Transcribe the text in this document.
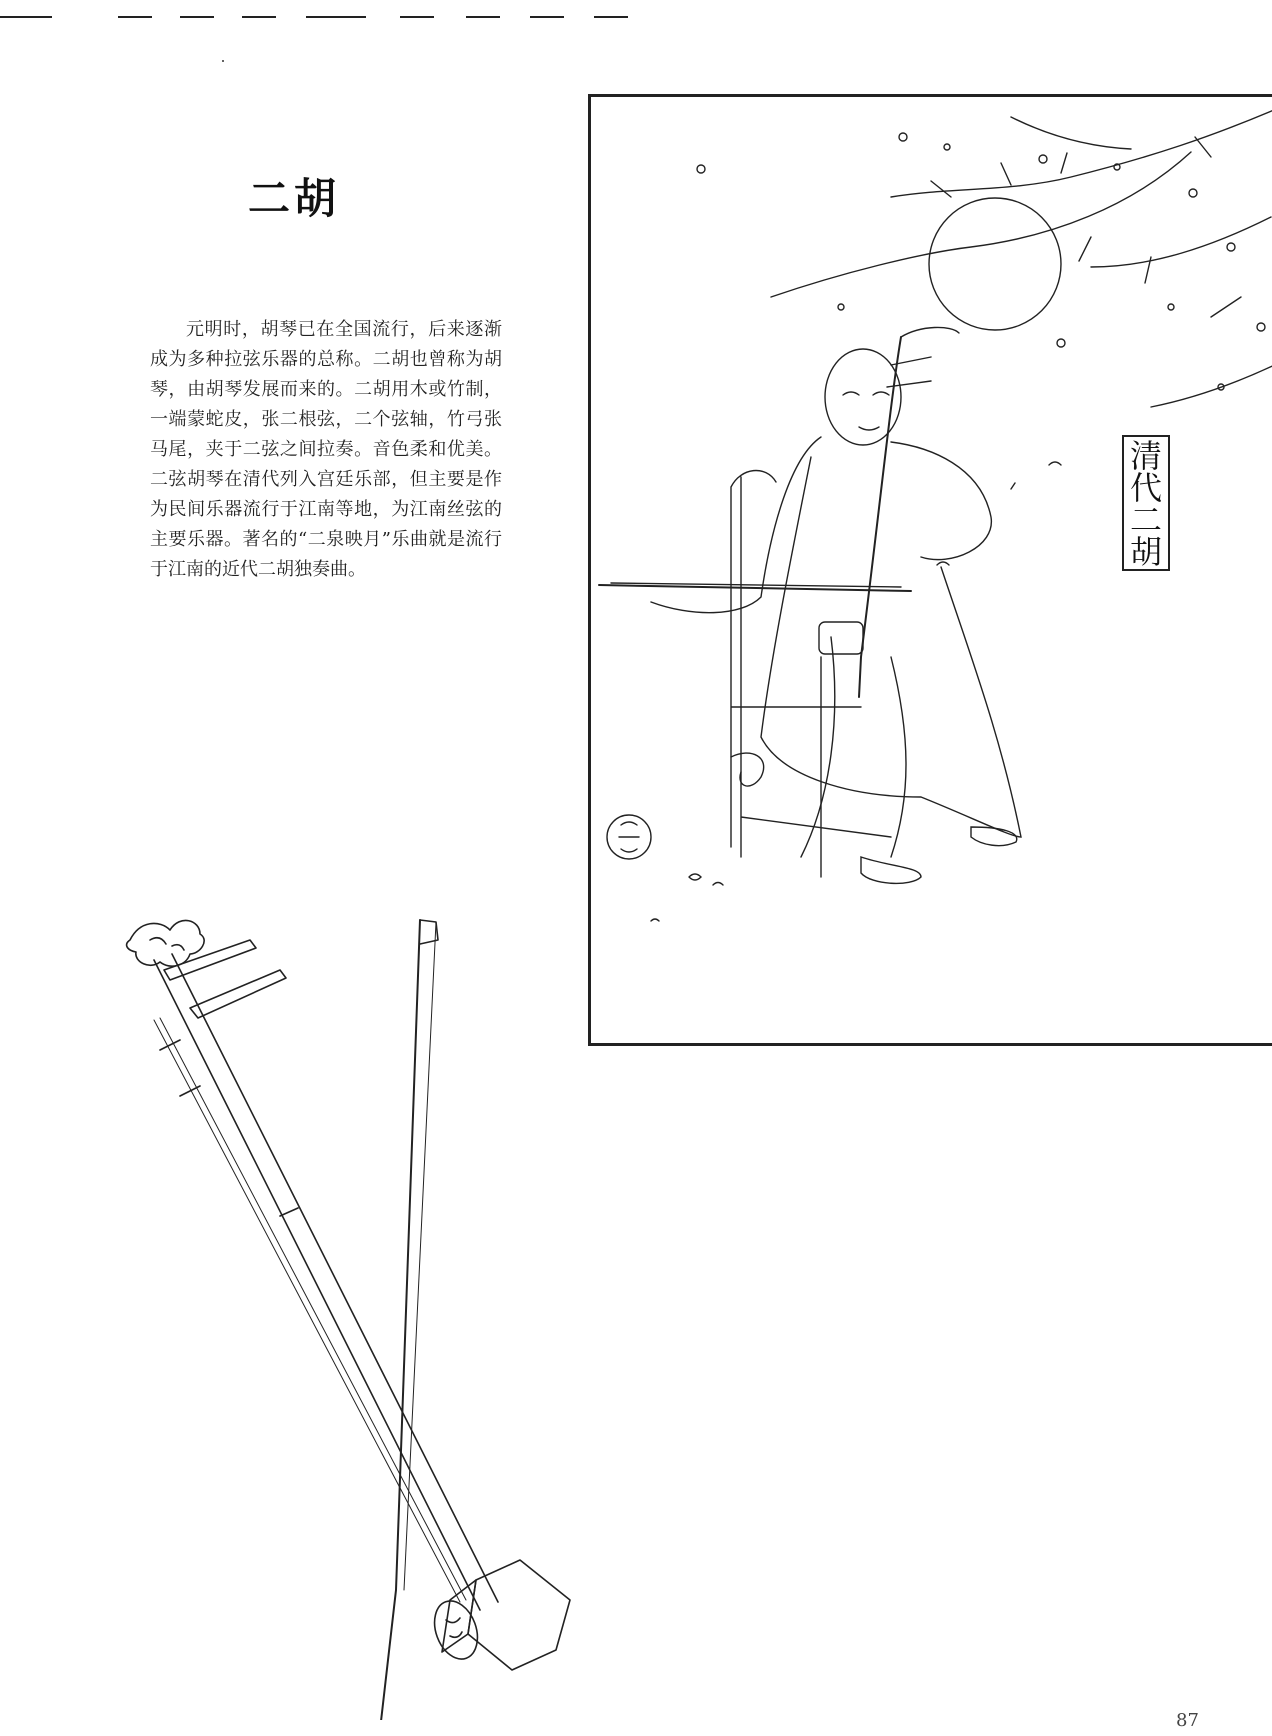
二胡

元明时，胡琴已在全国流行，后来逐渐成为多种拉弦乐器的总称。二胡也曾称为胡琴，由胡琴发展而来的。二胡用木或竹制，一端蒙蛇皮，张二根弦，二个弦轴，竹弓张马尾，夹于二弦之间拉奏。音色柔和优美。二弦胡琴在清代列入宫廷乐部，但主要是作为民间乐器流行于江南等地，为江南丝弦的主要乐器。著名的“二泉映月”乐曲就是流行于江南的近代二胡独奏曲。

清代二胡
87
